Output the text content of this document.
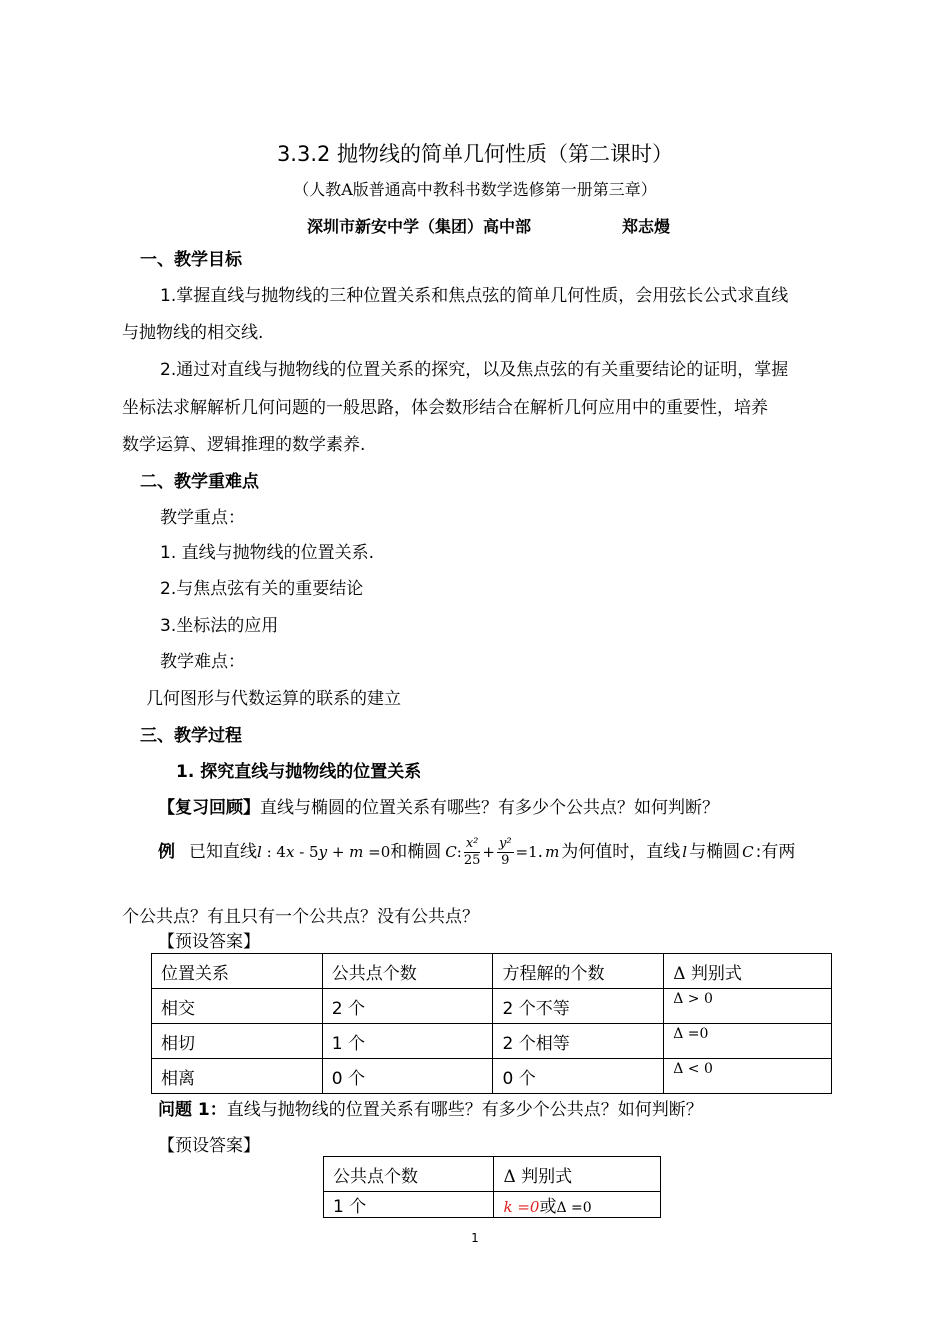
3.3.2 抛物线的简单几何性质（第二课时）
（人教A版普通高中教科书数学选修第一册第三章）
深圳市新安中学（集团）高中部	郑志熳
一、教学目标
1.掌握直线与抛物线的三种位置关系和焦点弦的简单几何性质，会用弦长公式求直线
与抛物线的相交线.
2.通过对直线与抛物线的位置关系的探究，以及焦点弦的有关重要结论的证明，掌握
坐标法求解解析几何问题的一般思路，体会数形结合在解析几何应用中的重要性，培养
数学运算、逻辑推理的数学素养.
二、教学重难点
教学重点：
1. 直线与抛物线的位置关系.
2.与焦点弦有关的重要结论
3.坐标法的应用
教学难点：
几何图形与代数运算的联系的建立
三、教学过程
1. 探究直线与抛物线的位置关系
【复习回顾】直线与椭圆的位置关系有哪些？有多少个公共点？如何判断？
例 已知直线 l : 4x - 5y + m =0 和椭圆 C : $\frac{\text{x²}}{25} + \frac{\text{y²}}{9} =1$ . m 为何值时，直线 l 与椭圆 C :有两
个公共点？有且只有一个公共点？没有公共点？
【预设答案】
位置关系	公共点个数	方程解的个数	Δ 判别式
相交	2 个	2 个不等	Δ > 0
相切	1 个	2 个相等	Δ =0
相离	0 个	0 个	Δ < 0
问题 1：直线与抛物线的位置关系有哪些？有多少个公共点？如何判断？
【预设答案】
公共点个数	Δ 判别式
1 个	k =0或Δ =0
1
